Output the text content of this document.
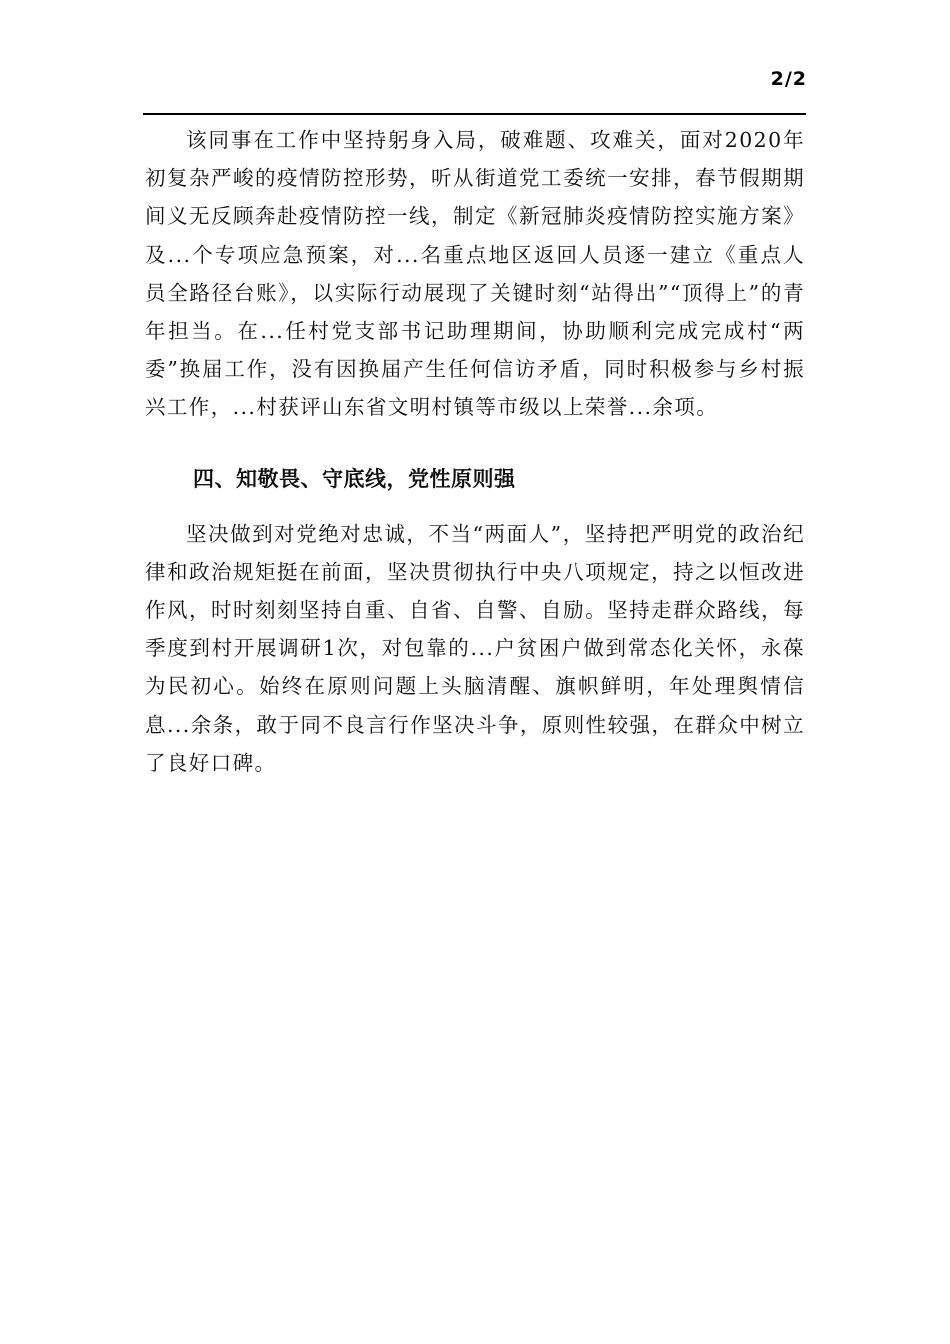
2/2

该同事在工作中坚持躬身入局，破难题、攻难关，面对2020年初复杂严峻的疫情防控形势，听从街道党工委统一安排，春节假期期间义无反顾奔赴疫情防控一线，制定《新冠肺炎疫情防控实施方案》及...个专项应急预案，对...名重点地区返回人员逐一建立《重点人员全路径台账》，以实际行动展现了关键时刻“站得出”“顶得上”的青年担当。在...任村党支部书记助理期间，协助顺利完成完成村“两委”换届工作，没有因换届产生任何信访矛盾，同时积极参与乡村振兴工作，...村获评山东省文明村镇等市级以上荣誉...余项。

四、知敬畏、守底线，党性原则强

坚决做到对党绝对忠诚，不当“两面人”，坚持把严明党的政治纪律和政治规矩挺在前面，坚决贯彻执行中央八项规定，持之以恒改进作风，时时刻刻坚持自重、自省、自警、自励。坚持走群众路线，每季度到村开展调研1次，对包靠的...户贫困户做到常态化关怀，永葆为民初心。始终在原则问题上头脑清醒、旗帜鲜明，年处理舆情信息...余条，敢于同不良言行作坚决斗争，原则性较强，在群众中树立了良好口碑。
